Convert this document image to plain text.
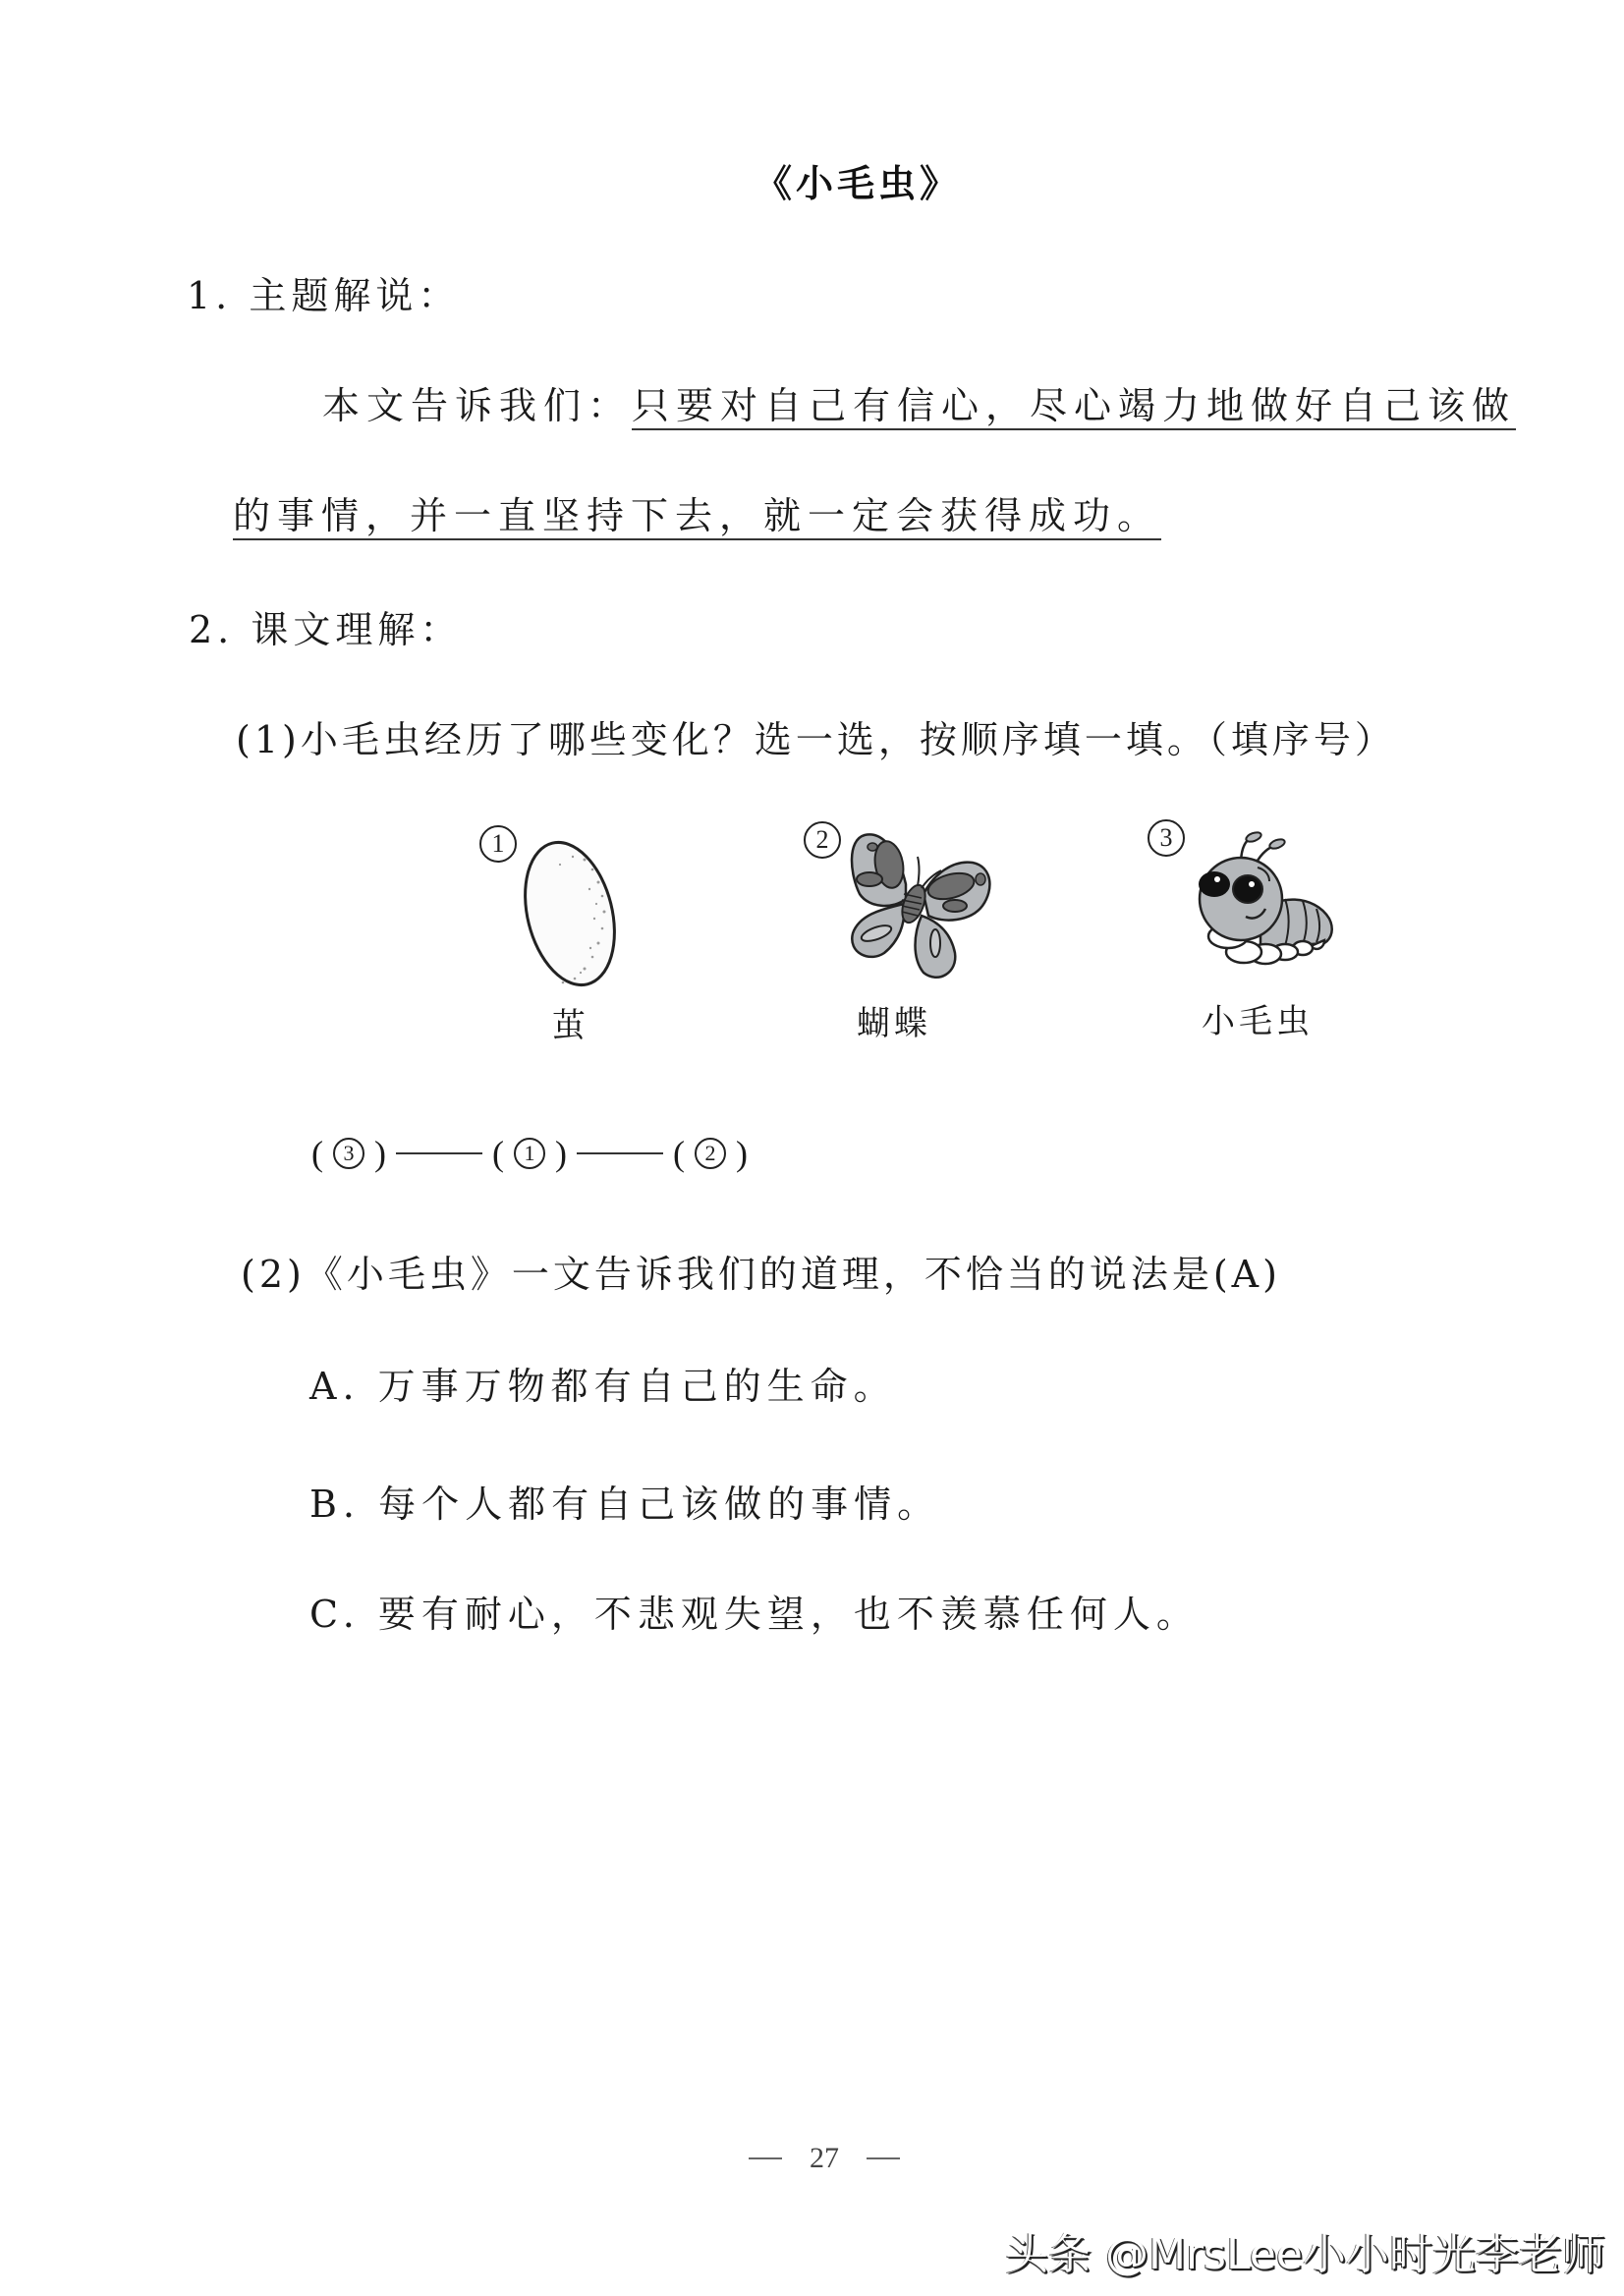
《小毛虫》
1. 主题解说：
本文告诉我们：只要对自己有信心，尽心竭力地做好自己该做
的事情，并一直坚持下去，就一定会获得成功。
2. 课文理解：
(1)小毛虫经历了哪些变化？选一选，按顺序填一填。（填序号）
1
茧
2
蝴蝶
3
小毛虫
( 3 )	( 1 )	( 2 )
(2)《小毛虫》一文告诉我们的道理，不恰当的说法是(A)
A. 万事万物都有自己的生命。
B. 每个人都有自己该做的事情。
C. 要有耐心，不悲观失望，也不羡慕任何人。
27
头条 @MrsLee小小时光李老师
